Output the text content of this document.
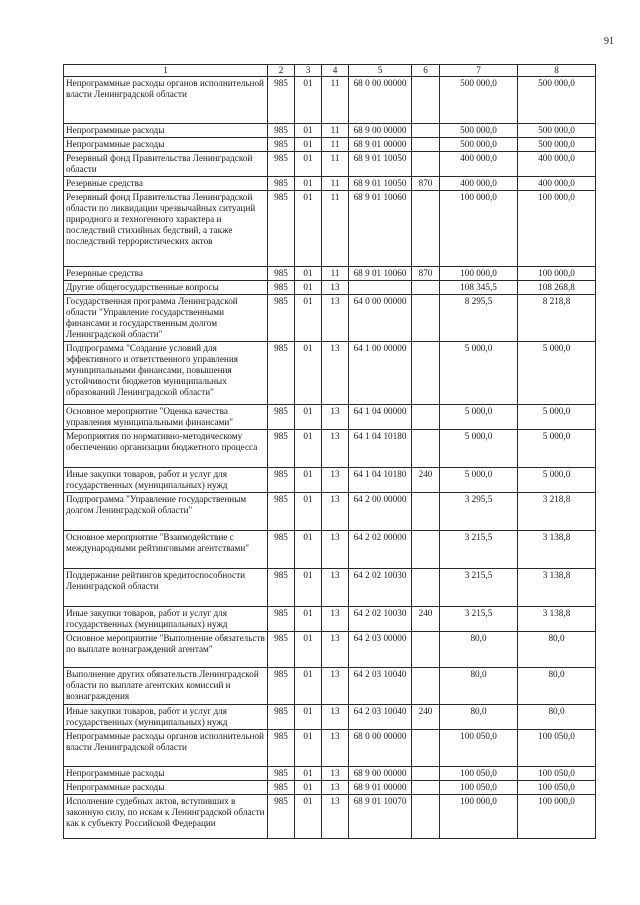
91
1	2	3	4	5	6	7	8
Непрограммные расходы органов исполнительной власти Ленинградской области	985	01	11	68 0 00 00000		500 000,0	500 000,0
Непрограммные расходы	985	01	11	68 9 00 00000		500 000,0	500 000,0
Непрограммные расходы	985	01	11	68 9 01 00000		500 000,0	500 000,0
Резервный фонд Правительства Ленинградской области	985	01	11	68 9 01 10050		400 000,0	400 000,0
Резервные средства	985	01	11	68 9 01 10050	870	400 000,0	400 000,0
Резервный фонд Правительства Ленинградской области по ликвидации чрезвычайных ситуаций природного и техногенного характера и последствий стихийных бедствий, а также последствий террористических актов	985	01	11	68 9 01 10060		100 000,0	100 000,0
Резервные средства	985	01	11	68 9 01 10060	870	100 000,0	100 000,0
Другие общегосударственные вопросы	985	01	13			108 345,5	108 268,8
Государственная программа Ленинградской области "Управление государственными финансами и государственным долгом Ленинградской области"	985	01	13	64 0 00 00000		8 295,5	8 218,8
Подпрограмма "Создание условий для эффективного и ответственного управления муниципальными финансами, повышения устойчивости бюджетов муниципальных образований Ленинградской области"	985	01	13	64 1 00 00000		5 000,0	5 000,0
Основное мероприятие "Оценка качества управления муниципальными финансами"	985	01	13	64 1 04 00000		5 000,0	5 000,0
Мероприятия по нормативно-методическому обеспечению организации бюджетного процесса	985	01	13	64 1 04 10180		5 000,0	5 000,0
Иные закупки товаров, работ и услуг для государственных (муниципальных) нужд	985	01	13	64 1 04 10180	240	5 000,0	5 000,0
Подпрограмма "Управление государственным долгом Ленинградской области"	985	01	13	64 2 00 00000		3 295,5	3 218,8
Основное мероприятие "Взаимодействие с международными рейтинговыми агентствами"	985	01	13	64 2 02 00000		3 215,5	3 138,8
Поддержание рейтингов кредитоспособности Ленинградской области	985	01	13	64 2 02 10030		3 215,5	3 138,8
Иные закупки товаров, работ и услуг для государственных (муниципальных) нужд	985	01	13	64 2 02 10030	240	3 215,5	3 138,8
Основное мероприятие "Выполнение обязательств по выплате вознаграждений агентам"	985	01	13	64 2 03 00000		80,0	80,0
Выполнение других обязательств Ленинградской области по выплате агентских комиссий и вознаграждения	985	01	13	64 2 03 10040		80,0	80,0
Иные закупки товаров, работ и услуг для государственных (муниципальных) нужд	985	01	13	64 2 03 10040	240	80,0	80,0
Непрограммные расходы органов исполнительной власти Ленинградской области	985	01	13	68 0 00 00000		100 050,0	100 050,0
Непрограммные расходы	985	01	13	68 9 00 00000		100 050,0	100 050,0
Непрограммные расходы	985	01	13	68 9 01 00000		100 050,0	100 050,0
Исполнение судебных актов, вступивших в законную силу, по искам к Ленинградской области как к субъекту Российской Федерации	985	01	13	68 9 01 10070		100 000,0	100 000,0
